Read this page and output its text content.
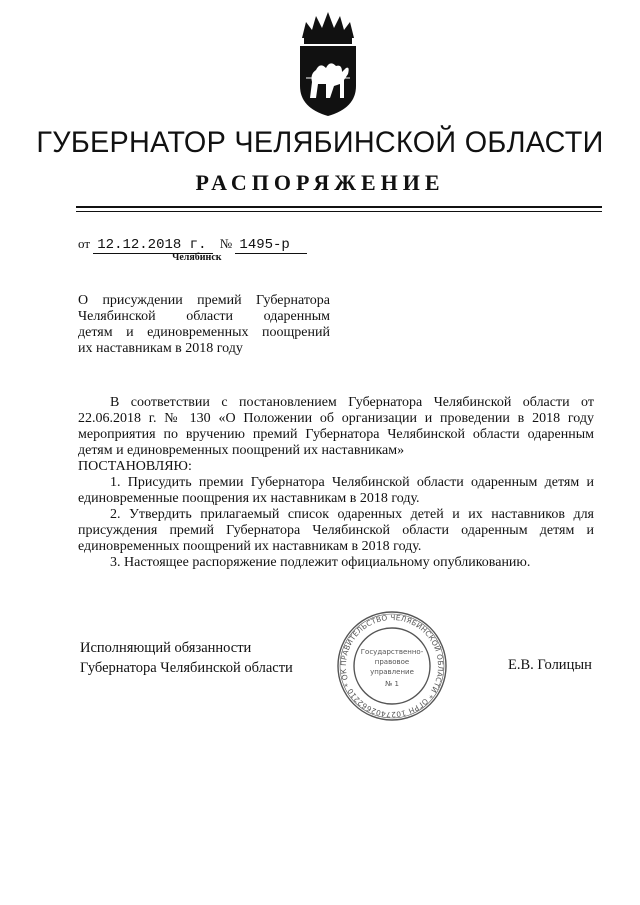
ГУБЕРНАТОР ЧЕЛЯБИНСКОЙ ОБЛАСТИ
РАСПОРЯЖЕНИЕ
от 12.12.2018 г. № 1495-р
Челябинск
О присуждении премий Губернатора
Челябинской области одаренным
детям и единовременных поощрений
их наставникам в 2018 году
В соответствии с постановлением Губернатора Челябинской области от 22.06.2018 г. № 130 «О Положении об организации и проведении в 2018 году мероприятия по вручению премий Губернатора Челябинской области одаренным детям и единовременных поощрений их наставникам»
ПОСТАНОВЛЯЮ:
1. Присудить премии Губернатора Челябинской области одаренным детям и единовременные поощрения их наставникам в 2018 году.
2. Утвердить прилагаемый список одаренных детей и их наставников для присуждения премий Губернатора Челябинской области одаренным детям и единовременных поощрений их наставникам в 2018 году.
3. Настоящее распоряжение подлежит официальному опубликованию.
Исполняющий обязанности
Губернатора Челябинской области	ПРАВИТЕЛЬСТВО ЧЕЛЯБИНСКОЙ ОБЛАСТИ * ОГРН 1027402662210 * ОК
Государственно-
правовое
управление
№ 1
Е.В. Голицын
